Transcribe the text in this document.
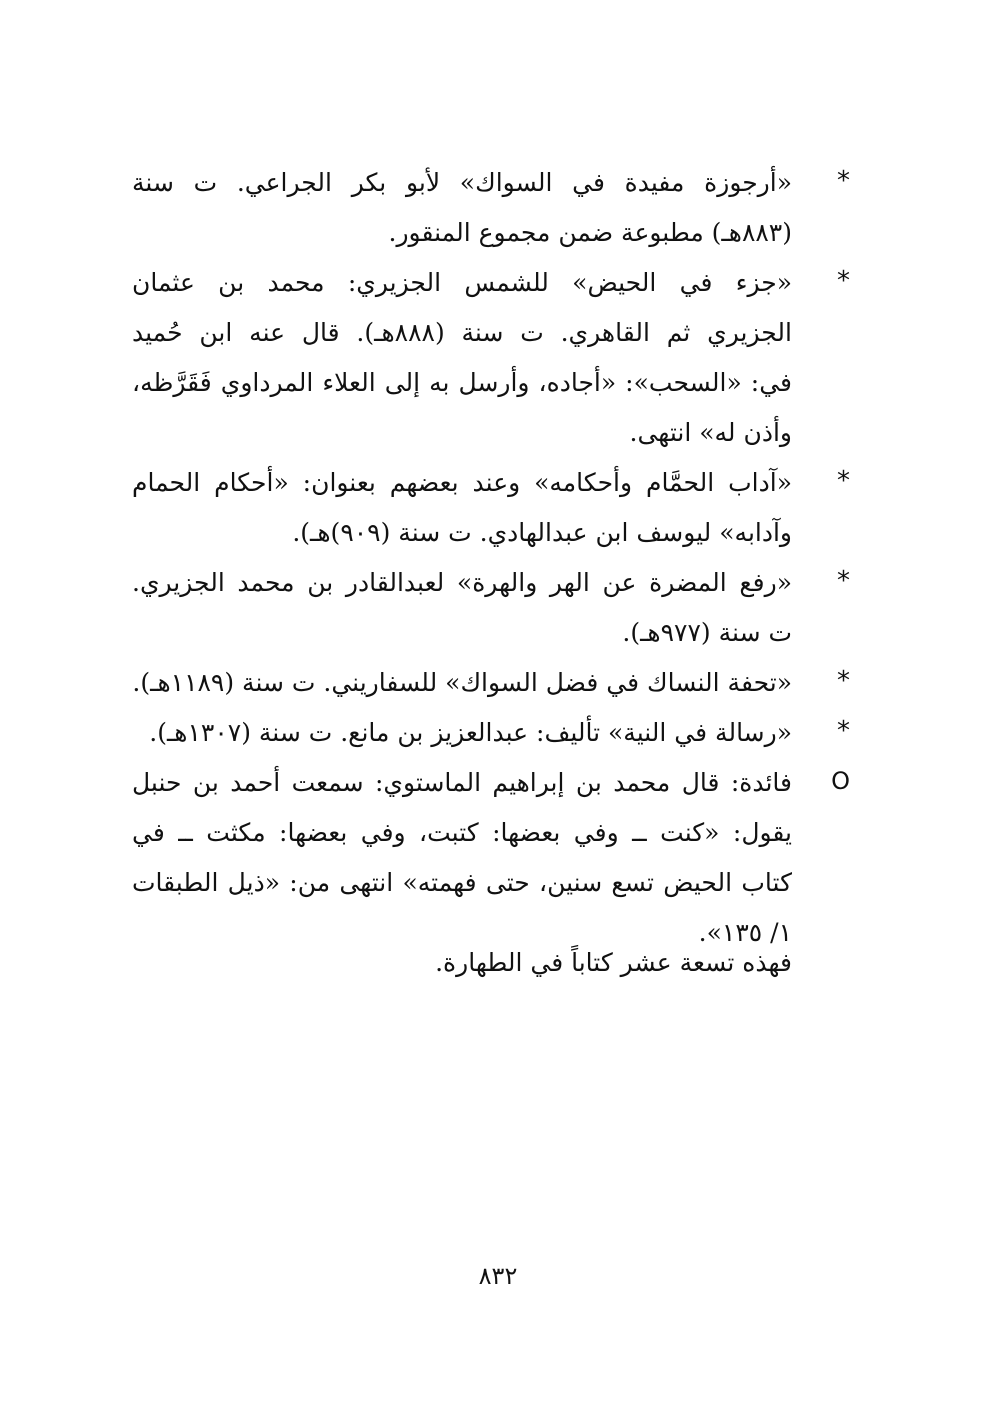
*
«أرجوزة مفيدة في السواك» لأبو بكر الجراعي. ت سنة
(٨٨٣هـ) مطبوعة ضمن مجموع المنقور.
*
«جزء في الحيض» للشمس الجزيري: محمد بن عثمان
الجزيري ثم القاهري. ت سنة (٨٨٨هـ). قال عنه ابن حُميد
في: «السحب»: «أجاده، وأرسل به إلى العلاء المرداوي فَقَرَّظه،
وأذن له» انتهى.
*
«آداب الحمَّام وأحكامه» وعند بعضهم بعنوان: «أحكام الحمام
وآدابه» ليوسف ابن عبدالهادي. ت سنة (٩٠٩)هـ).
*
«رفع المضرة عن الهر والهرة» لعبدالقادر بن محمد الجزيري.
ت سنة (٩٧٧هـ).
*
«تحفة النساك في فضل السواك» للسفاريني. ت سنة (١١٨٩هـ).
*
«رسالة في النية» تأليف: عبدالعزيز بن مانع. ت سنة (١٣٠٧هـ).
O
فائدة: قال محمد بن إبراهيم الماستوي: سمعت أحمد بن حنبل
يقول: «كنت ــ وفي بعضها: كتبت، وفي بعضها: مكثت ــ في
كتاب الحيض تسع سنين، حتى فهمته» انتهى من: «ذيل الطبقات
١/ ١٣٥».
فهذه تسعة عشر كتاباً في الطهارة.
٨٣٢
